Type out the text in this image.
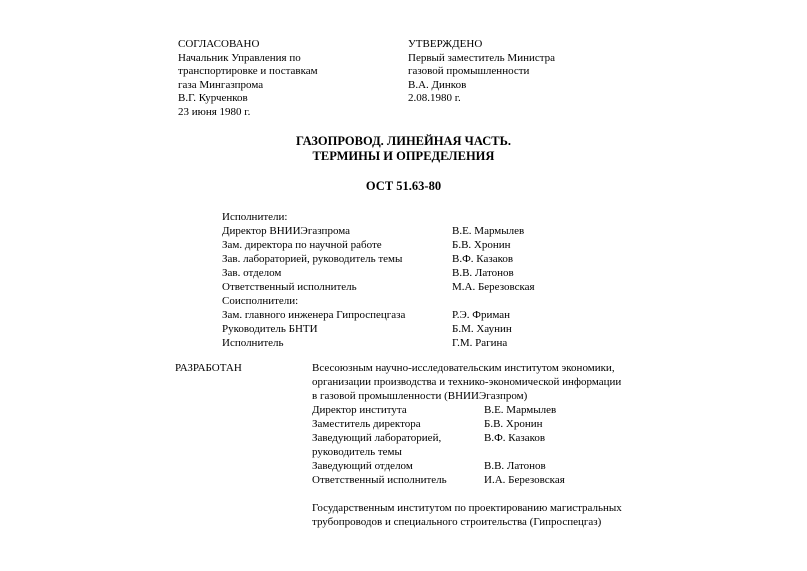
СОГЛАСОВАНО
Начальник Управления по
транспортировке и поставкам
газа Мингазпрома
В.Г. Курченков
23 июня 1980 г.
УТВЕРЖДЕНО
Первый заместитель Министра
газовой промышленности
В.А. Динков
2.08.1980 г.
ГАЗОПРОВОД. ЛИНЕЙНАЯ ЧАСТЬ.
ТЕРМИНЫ И ОПРЕДЕЛЕНИЯ
ОСТ 51.63-80
Исполнители:
Директор ВНИИЭгазпрома	В.Е. Мармылев
Зам. директора по научной работе	Б.В. Хронин
Зав. лабораторией, руководитель темы	В.Ф. Казаков
Зав. отделом	В.В. Латонов
Ответственный исполнитель	М.А. Березовская
Соисполнители:
Зам. главного инженера Гипроспецгаза	Р.Э. Фриман
Руководитель БНТИ	Б.М. Хаунин
Исполнитель	Г.М. Рагина
РАЗРАБОТАН	Всесоюзным научно-исследовательским институтом экономики,
организации производства и технико-экономической информации
в газовой промышленности (ВНИИЭгазпром)
Директор института	В.Е. Мармылев
Заместитель директора	Б.В. Хронин
Заведующий лабораторией,	В.Ф. Казаков
руководитель темы
Заведующий отделом	В.В. Латонов
Ответственный исполнитель	И.А. Березовская
Государственным институтом по проектированию магистральных
трубопроводов и специального строительства (Гипроспецгаз)
